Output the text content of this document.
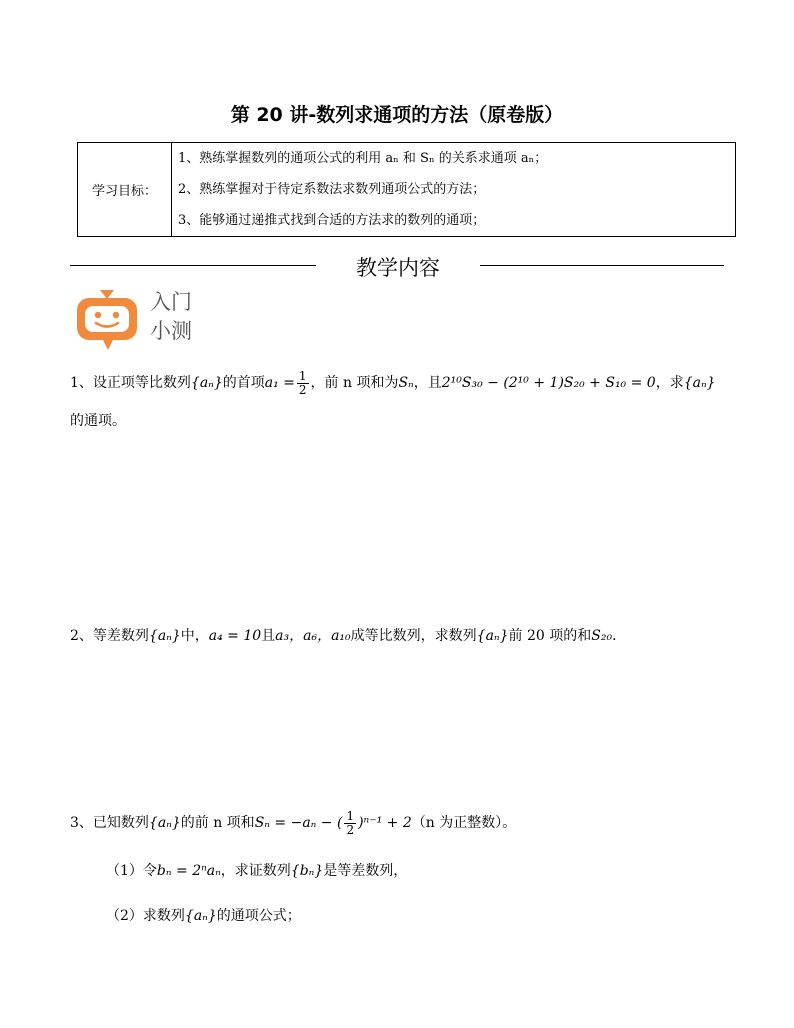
第 20 讲-数列求通项的方法（原卷版）
学习目标：	
1、熟练掌握数列的通项公式的利用 aₙ 和 Sₙ 的关系求通项 aₙ；
2、熟练掌握对于待定系数法求数列通项公式的方法；
3、能够通过递推式找到合适的方法求的数列的通项；
教学内容
入门
小测
1、设正项等比数列{aₙ}的首项$a_1 = \frac{1}{2}$ ，前 n 项和为Sₙ，且2¹⁰S₃₀ − (2¹⁰ + 1)S₂₀ + S₁₀ = 0，求{aₙ}
的通项。
2、等差数列{aₙ}中，a₄ = 10且a₃，a₆，a₁₀成等比数列，求数列{aₙ}前 20 项的和S₂₀．
3、已知数列{aₙ}的前 n 项和Sₙ = −aₙ − ( $\frac{1}{2} )^{n-1} + 2(n$ 为正整数）。
（1）令bₙ = 2ⁿaₙ，求证数列{bₙ}是等差数列，
（2）求数列{aₙ}的通项公式；
